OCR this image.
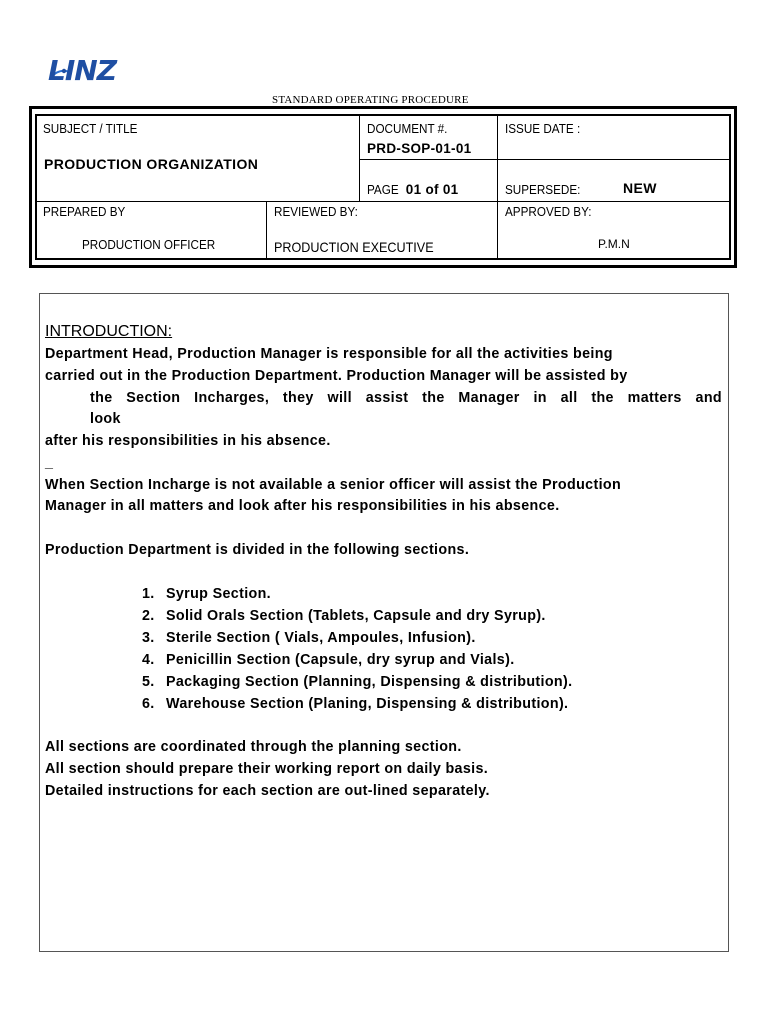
LINZ
STANDARD OPERATING PROCEDURE
SUBJECT / TITLE
PRODUCTION ORGANIZATION
DOCUMENT #.
PRD-SOP-01-01
PAGE 01 of 01
ISSUE DATE :
SUPERSEDE:	NEW
PREPARED BY
PRODUCTION OFFICER
REVIEWED BY:
PRODUCTION EXECUTIVE
APPROVED BY:
P.M.N
INTRODUCTION:
Department Head, Production Manager is responsible for all the activities being
carried out in the Production Department. Production Manager will be assisted by
the Section Incharges, they will assist the Manager in all the matters and
look
after his responsibilities in his absence.
_
When Section Incharge is not available a senior officer will assist the Production
Manager in all matters and look after his responsibilities in his absence.
Production Department is divided in the following sections.
1. Syrup Section.
2. Solid Orals Section (Tablets, Capsule and dry Syrup).
3. Sterile Section ( Vials, Ampoules, Infusion).
4. Penicillin Section (Capsule, dry syrup and Vials).
5. Packaging Section (Planning, Dispensing & distribution).
6. Warehouse Section (Planing, Dispensing & distribution).
All sections are coordinated through the planning section.
All section should prepare their working report on daily basis.
Detailed instructions for each section are out-lined separately.
